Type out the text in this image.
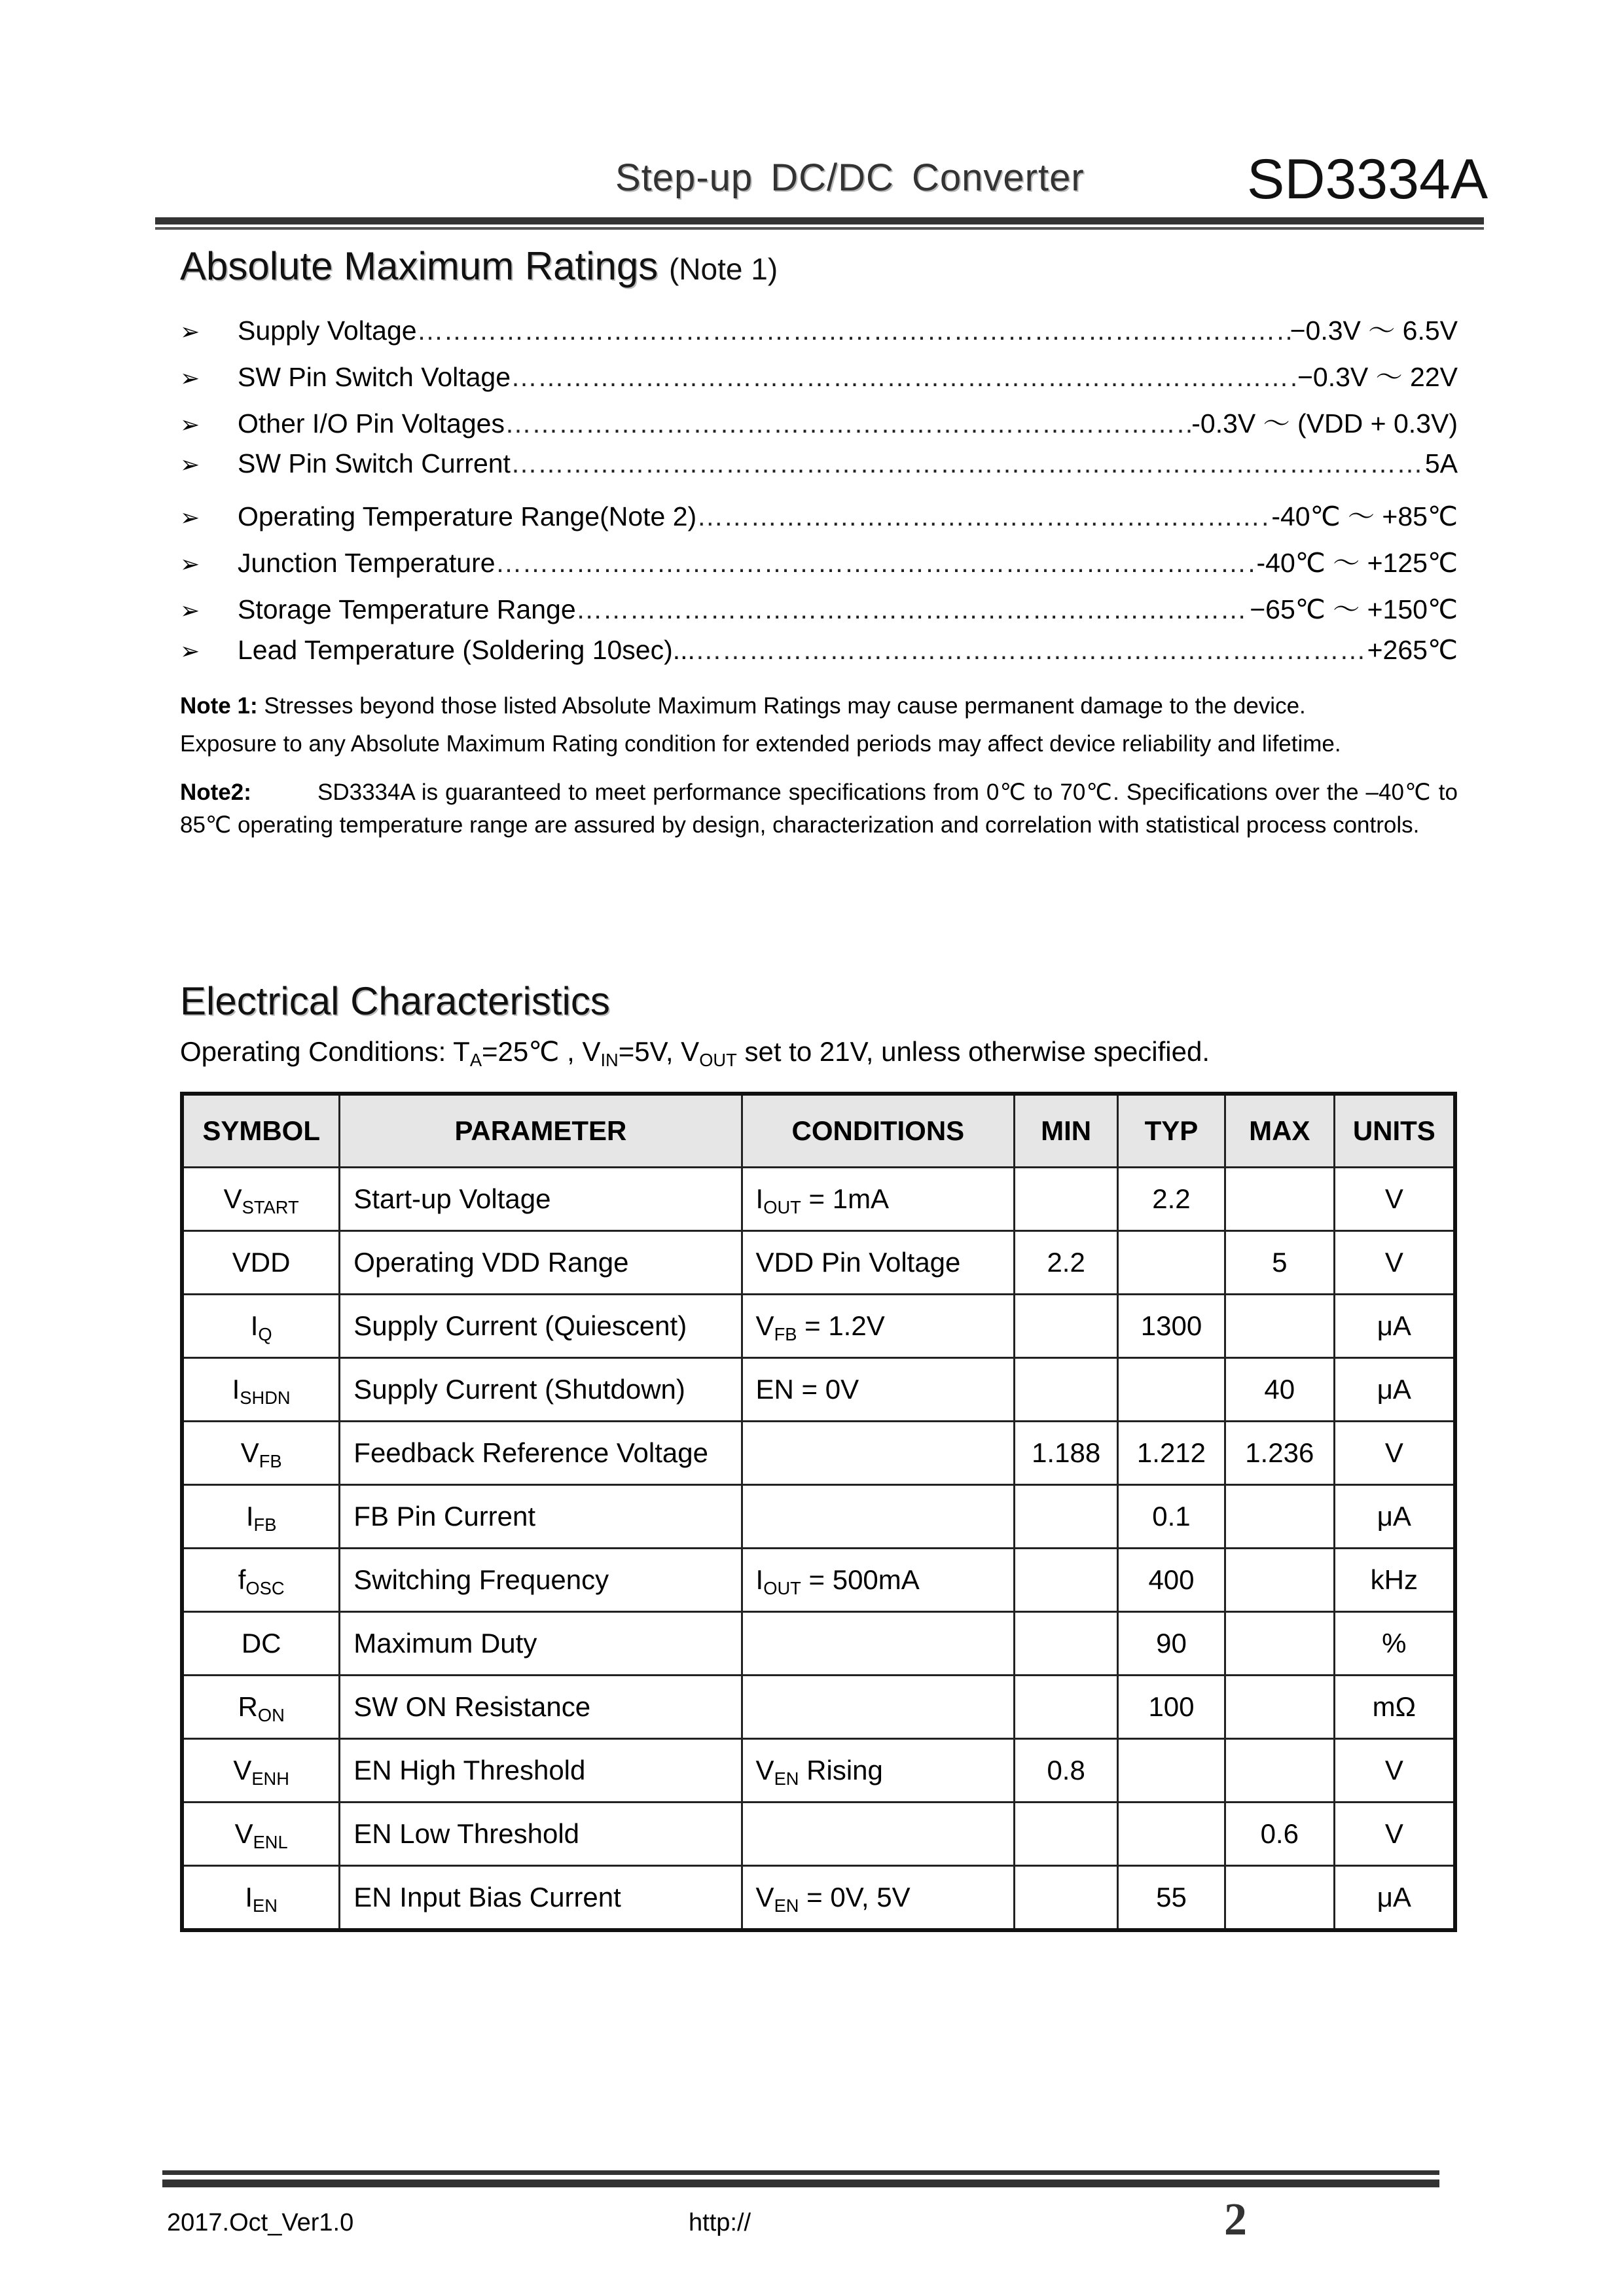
Step-up DC/DC Converter	SD3334A
Absolute Maximum Ratings (Note 1)
➢	Supply Voltage ……………………………………………………………………………………………………………………………………………………………………………………	−0.3V ～ 6.5V
➢	SW Pin Switch Voltage ……………………………………………………………………………………………………………………………………………………………………………………	−0.3V ～ 22V
➢	Other I/O Pin Voltages ……………………………………………………………………………………………………………………………………………………………………………………	-0.3V ～ (VDD + 0.3V)
➢	SW Pin Switch Current ……………………………………………………………………………………………………………………………………………………………………………………	5A
➢	Operating Temperature Range(Note 2) ……………………………………………………………………………………………………………………………………………………………………………………	-40℃ ～ +85℃
➢	Junction Temperature ……………………………………………………………………………………………………………………………………………………………………………………	-40℃ ～ +125℃
➢	Storage Temperature Range ……………………………………………………………………………………………………………………………………………………………………………………	−65℃ ～ +150℃
➢	Lead Temperature (Soldering 10sec)... ……………………………………………………………………………………………………………………………………………………………………………………	+265℃
Note 1: Stresses beyond those listed Absolute Maximum Ratings may cause permanent damage to the device.
Exposure to any Absolute Maximum Rating condition for extended periods may affect device reliability and lifetime.
Note2:	SD3334A is guaranteed to meet performance specifications from 0℃ to 70℃. Specifications over the –40℃ to 85℃ operating temperature range are assured by design, characterization and correlation with statistical process controls.
Electrical Characteristics
Operating Conditions: $T_A=25℃$ , $V_{IN}=5V$, $V_{OUT}$ set to 21V, unless otherwise specified.
SYMBOL	PARAMETER	CONDITIONS	MIN	TYP	MAX	UNITS
$V_{START}$	Start-up Voltage	$I_{OUT} = 1mA$		2.2		V
VDD	Operating VDD Range	VDD Pin Voltage	2.2		5	V
$I_Q$	Supply Current (Quiescent)	$V_{FB} = 1.2V$		1300		μA
$I_{SHDN}$	Supply Current (Shutdown)	EN = 0V			40	μA
$V_{FB}$	Feedback Reference Voltage		1.188	1.212	1.236	V
$I_{FB}$	FB Pin Current			0.1		μA
$f_{OSC}$	Switching Frequency	$I_{OUT} = 500mA$		400		kHz
DC	Maximum Duty			90		%
$R_{ON}$	SW ON Resistance			100		mΩ
$V_{ENH}$	EN High Threshold	$V_{EN}$ Rising	0.8			V
$V_{ENL}$	EN Low Threshold				0.6	V
$I_{EN}$	EN Input Bias Current	$V_{EN} = 0V$, 5V		55		μA
2017.Oct_Ver1.0	http://	2
